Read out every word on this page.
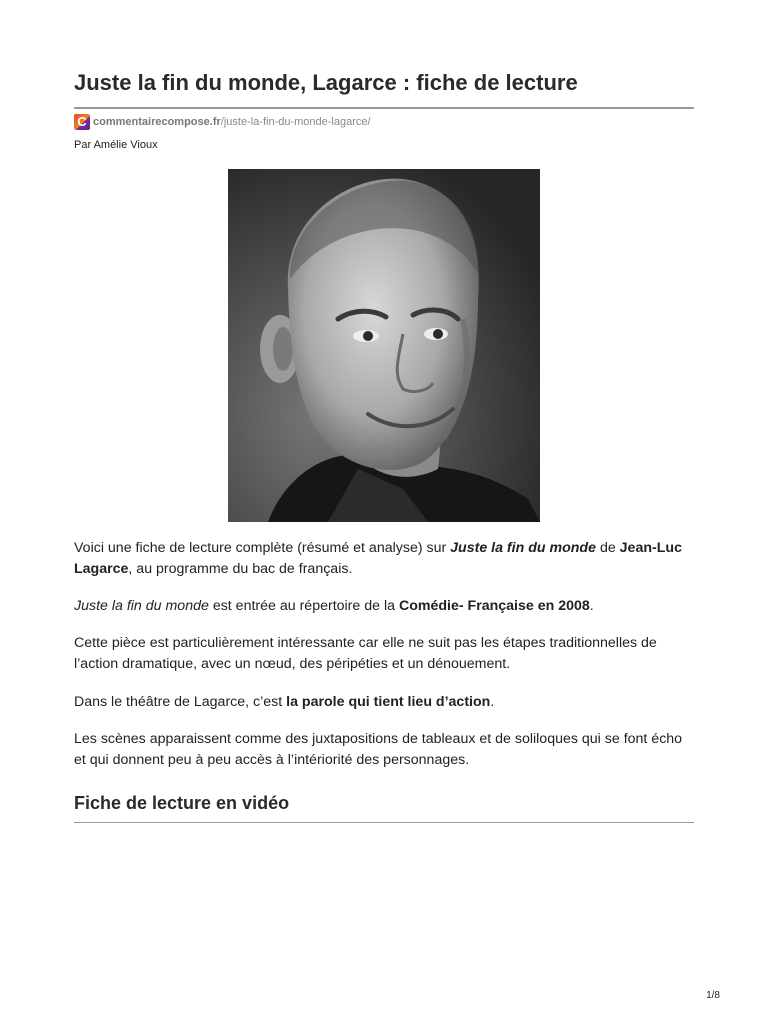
Juste la fin du monde, Lagarce : fiche de lecture
C commentairecompose.fr /juste-la-fin-du-monde-lagarce/
Par Amélie Vioux

Voici une fiche de lecture complète (résumé et analyse) sur Juste la fin du monde de Jean-Luc Lagarce, au programme du bac de français.

Juste la fin du monde est entrée au répertoire de la Comédie- Française en 2008.

Cette pièce est particulièrement intéressante car elle ne suit pas les étapes traditionnelles de l’action dramatique, avec un nœud, des péripéties et un dénouement.

Dans le théâtre de Lagarce, c’est la parole qui tient lieu d’action.

Les scènes apparaissent comme des juxtapositions de tableaux et de soliloques qui se font écho et qui donnent peu à peu accès à l’intériorité des personnages.

Fiche de lecture en vidéo
1/8
